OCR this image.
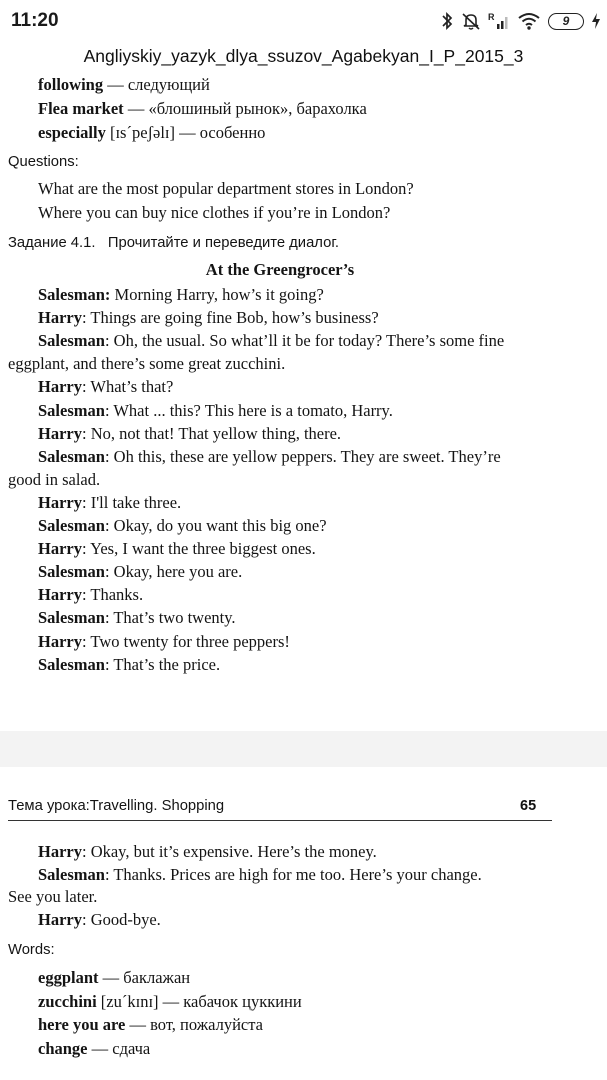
11:20	R	9
Angliyskiy_yazyk_dlya_ssuzov_Agabekyan_I_P_2015_3
following — следующий
Flea market — «блошиный рынок», барахолка
especially [ɪsˊpeʃəlɪ] — особенно
Questions:
What are the most popular department stores in London?
Where you can buy nice clothes if you’re in London?
Задание 4.1. Прочитайте и переведите диалог.
At the Greengrocer’s
Salesman: Morning Harry, how’s it going?
Harry: Things are going fine Bob, how’s business?
Salesman: Oh, the usual. So what’ll it be for today? There’s some fine
eggplant, and there’s some great zucchini.
Harry: What’s that?
Salesman: What ... this? This here is a tomato, Harry.
Harry: No, not that! That yellow thing, there.
Salesman: Oh this, these are yellow peppers. They are sweet. They’re
good in salad.
Harry: I'll take three.
Salesman: Okay, do you want this big one?
Harry: Yes, I want the three biggest ones.
Salesman: Okay, here you are.
Harry: Thanks.
Salesman: That’s two twenty.
Harry: Two twenty for three peppers!
Salesman: That’s the price.
Тема урока:Travelling. Shopping	65
Harry: Okay, but it’s expensive. Here’s the money.
Salesman: Thanks. Prices are high for me too. Here’s your change.
See you later.
Harry: Good-bye.
Words:
eggplant — баклажан
zucchini [zuˊkɪnɪ] — кабачок цуккини
here you are — вот, пожалуйста
change — сдача
